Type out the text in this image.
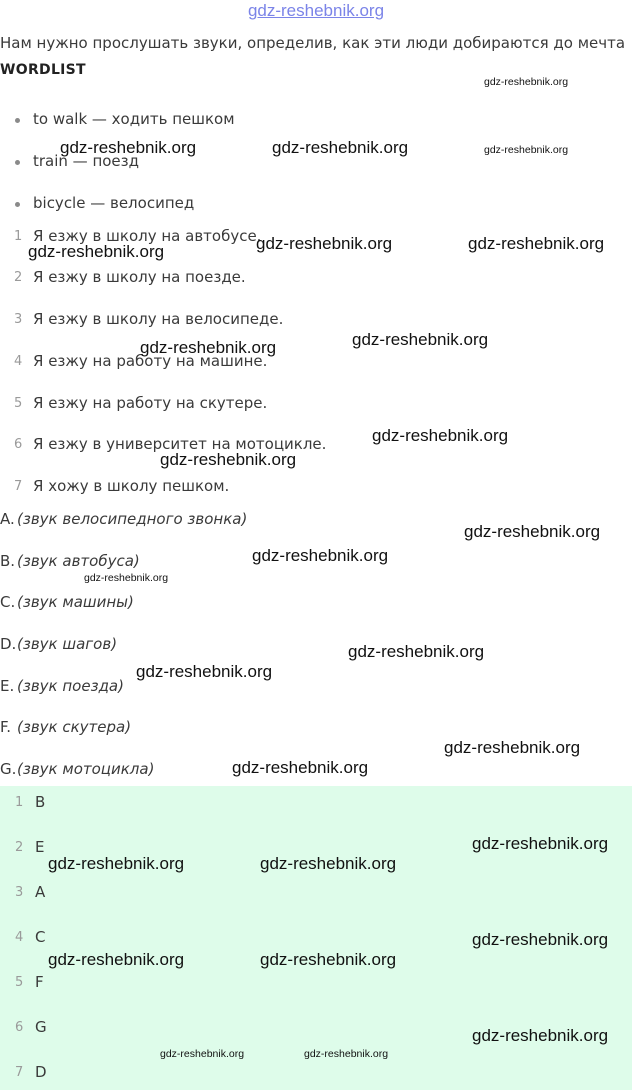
gdz-reshebnik.org
Нам нужно прослушать звуки, определив, как эти люди добираются до мечта
WORDLIST
to walk — ходить пешком
train — поезд
bicycle — велосипед
1 Я езжу в школу на автобусе.
2 Я езжу в школу на поезде.
3 Я езжу в школу на велосипеде.
4 Я езжу на работу на машине.
5 Я езжу на работу на скутере.
6 Я езжу в университет на мотоцикле.
7 Я хожу в школу пешком.
A. (звук велосипедного звонка)
B. (звук автобуса)
C. (звук машины)
D. (звук шагов)
E. (звук поезда)
F. (звук скутера)
G. (звук мотоцикла)
1 B
2 E
3 A
4 C
5 F
6 G
7 D
gdz-reshebnik.org
gdz-reshebnik.org	gdz-reshebnik.org	gdz-reshebnik.org
gdz-reshebnik.org	gdz-reshebnik.org
gdz-reshebnik.org
gdz-reshebnik.org
gdz-reshebnik.org
gdz-reshebnik.org
gdz-reshebnik.org
gdz-reshebnik.org
gdz-reshebnik.org
gdz-reshebnik.org
gdz-reshebnik.org
gdz-reshebnik.org
gdz-reshebnik.org
gdz-reshebnik.org
gdz-reshebnik.org
gdz-reshebnik.org	gdz-reshebnik.org
gdz-reshebnik.org
gdz-reshebnik.org	gdz-reshebnik.org
gdz-reshebnik.org
gdz-reshebnik.org	gdz-reshebnik.org
